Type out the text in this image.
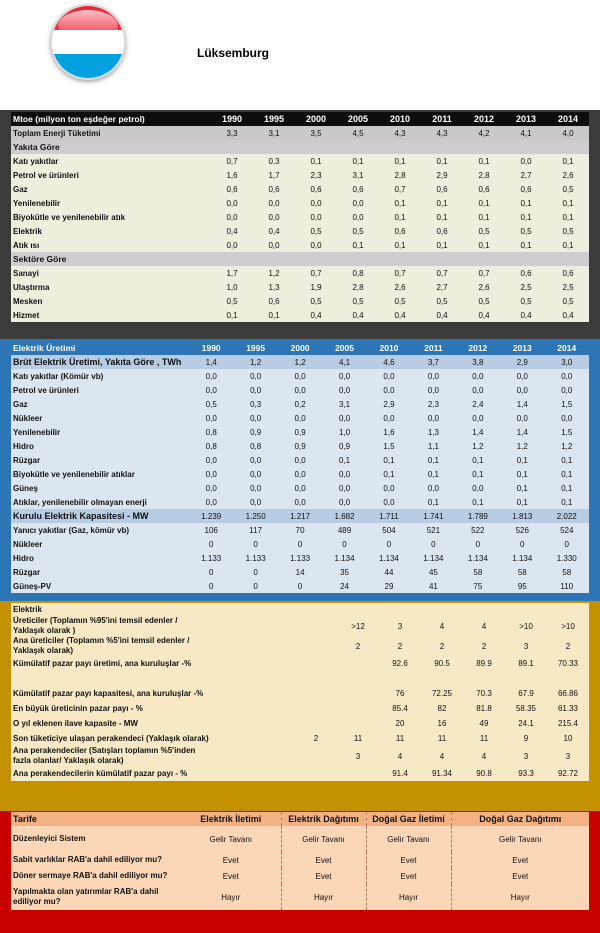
Lüksemburg
Mtoe (milyon ton eşdeğer petrol)	1990	1995	2000	2005	2010	2011	2012	2013	2014
Toplam Enerji Tüketimi	3,3	3,1	3,5	4,5	4,3	4,3	4,2	4,1	4,0
Yakıta Göre									
Katı yakıtlar	0,7	0,3	0,1	0,1	0,1	0,1	0,1	0,0	0,1
Petrol ve ürünleri	1,6	1,7	2,3	3,1	2,8	2,9	2,8	2,7	2,6
Gaz	0,6	0,6	0,6	0,6	0,7	0,6	0,6	0,6	0,5
Yenilenebilir	0,0	0,0	0,0	0,0	0,1	0,1	0,1	0,1	0,1
Biyokütle ve yenilenebilir atık	0,0	0,0	0,0	0,0	0,1	0,1	0,1	0,1	0,1
Elektrik	0,4	0,4	0,5	0,5	0,6	0,6	0,5	0,5	0,5
Atık ısı	0,0	0,0	0,0	0,1	0,1	0,1	0,1	0,1	0,1
Sektöre Göre									
Sanayi	1,7	1,2	0,7	0,8	0,7	0,7	0,7	0,6	0,6
Ulaştırma	1,0	1,3	1,9	2,8	2,6	2,7	2,6	2,5	2,5
Mesken	0,5	0,6	0,5	0,5	0,5	0,5	0,5	0,5	0,5
Hizmet	0,1	0,1	0,4	0,4	0,4	0,4	0,4	0,4	0,4
Elektrik Üretimi	1990	1995	2000	2005	2010	2011	2012	2013	2014
Brüt Elektrik Üretimi, Yakıta Göre , TWh	1,4	1,2	1,2	4,1	4,6	3,7	3,8	2,9	3,0
Katı yakıtlar (Kömür vb)	0,0	0,0	0,0	0,0	0,0	0,0	0,0	0,0	0,0
Petrol ve ürünleri	0,0	0,0	0,0	0,0	0,0	0,0	0,0	0,0	0,0
Gaz	0,5	0,3	0,2	3,1	2,9	2,3	2,4	1,4	1,5
Nükleer	0,0	0,0	0,0	0,0	0,0	0,0	0,0	0,0	0,0
Yenilenebilir	0,8	0,9	0,9	1,0	1,6	1,3	1,4	1,4	1,5
Hidro	0,8	0,8	0,9	0,9	1,5	1,1	1,2	1,2	1,2
Rüzgar	0,0	0,0	0,0	0,1	0,1	0,1	0,1	0,1	0,1
Biyokütle ve yenilenebilir atıklar	0,0	0,0	0,0	0,0	0,1	0,1	0,1	0,1	0,1
Güneş	0,0	0,0	0,0	0,0	0,0	0,0	0,0	0,1	0,1
Atıklar, yenilenebilir olmayan enerji	0,0	0,0	0,0	0,0	0,0	0,1	0,1	0,1	0,1
Kurulu Elektrik Kapasitesi - MW	1.239	1.250	1.217	1.682	1.711	1.741	1.789	1.813	2.022
Yanıcı yakıtlar (Gaz, kömür vb)	106	117	70	489	504	521	522	526	524
Nükleer	0	0	0	0	0	0	0	0	0
Hidro	1.133	1.133	1.133	1.134	1.134	1.134	1.134	1.134	1.330
Rüzgar	0	0	14	35	44	45	58	58	58
Güneş-PV	0	0	0	24	29	41	75	95	110
Elektrik									
Üreticiler (Toplamın %95'ini temsil edenler / Yaklaşık olarak )				>12	3	4	4	>10	>10
Ana üreticiler (Toplamın %5'ini temsil edenler / Yaklaşık olarak)				2	2	2	2	3	2
Kümülatif pazar payı üretimi, ana kuruluşlar -%					92.6	90.5	89.9	89.1	70.33

Kümülatif pazar payı kapasitesi, ana kuruluşlar -%					76	72.25	70.3	67.9	66.86
En büyük üreticinin pazar payı - %					85.4	82	81.8	58.35	61.33
O yıl eklenen ilave kapasite - MW					20	16	49	24.1	215.4
Son tüketiciye ulaşan perakendeci (Yaklaşık olarak)			2	11	11	11	11	9	10
Ana perakendeciler (Satışları toplamın %5'inden fazla olanlar/ Yaklaşık olarak)				3	4	4	4	3	3
Ana perakendecilerin kümülatif pazar payı - %					91.4	91.34	90.8	93.3	92.72
Tarife	Elektrik İletimi	Elektrik Dağıtımı	Doğal Gaz İletimi	Doğal Gaz Dağıtımı
Düzenleyici Sistem	Gelir Tavanı	Gelir Tavanı	Gelir Tavanı	Gelir Tavanı
Sabit varlıklar RAB'a dahil ediliyor mu?	Evet	Evet	Evet	Evet
Döner sermaye RAB'a dahil ediliyor mu?	Evet	Evet	Evet	Evet
Yapılmakta olan yatırımlar RAB'a dahil ediliyor mu?	Hayır	Hayır	Hayır	Hayır
